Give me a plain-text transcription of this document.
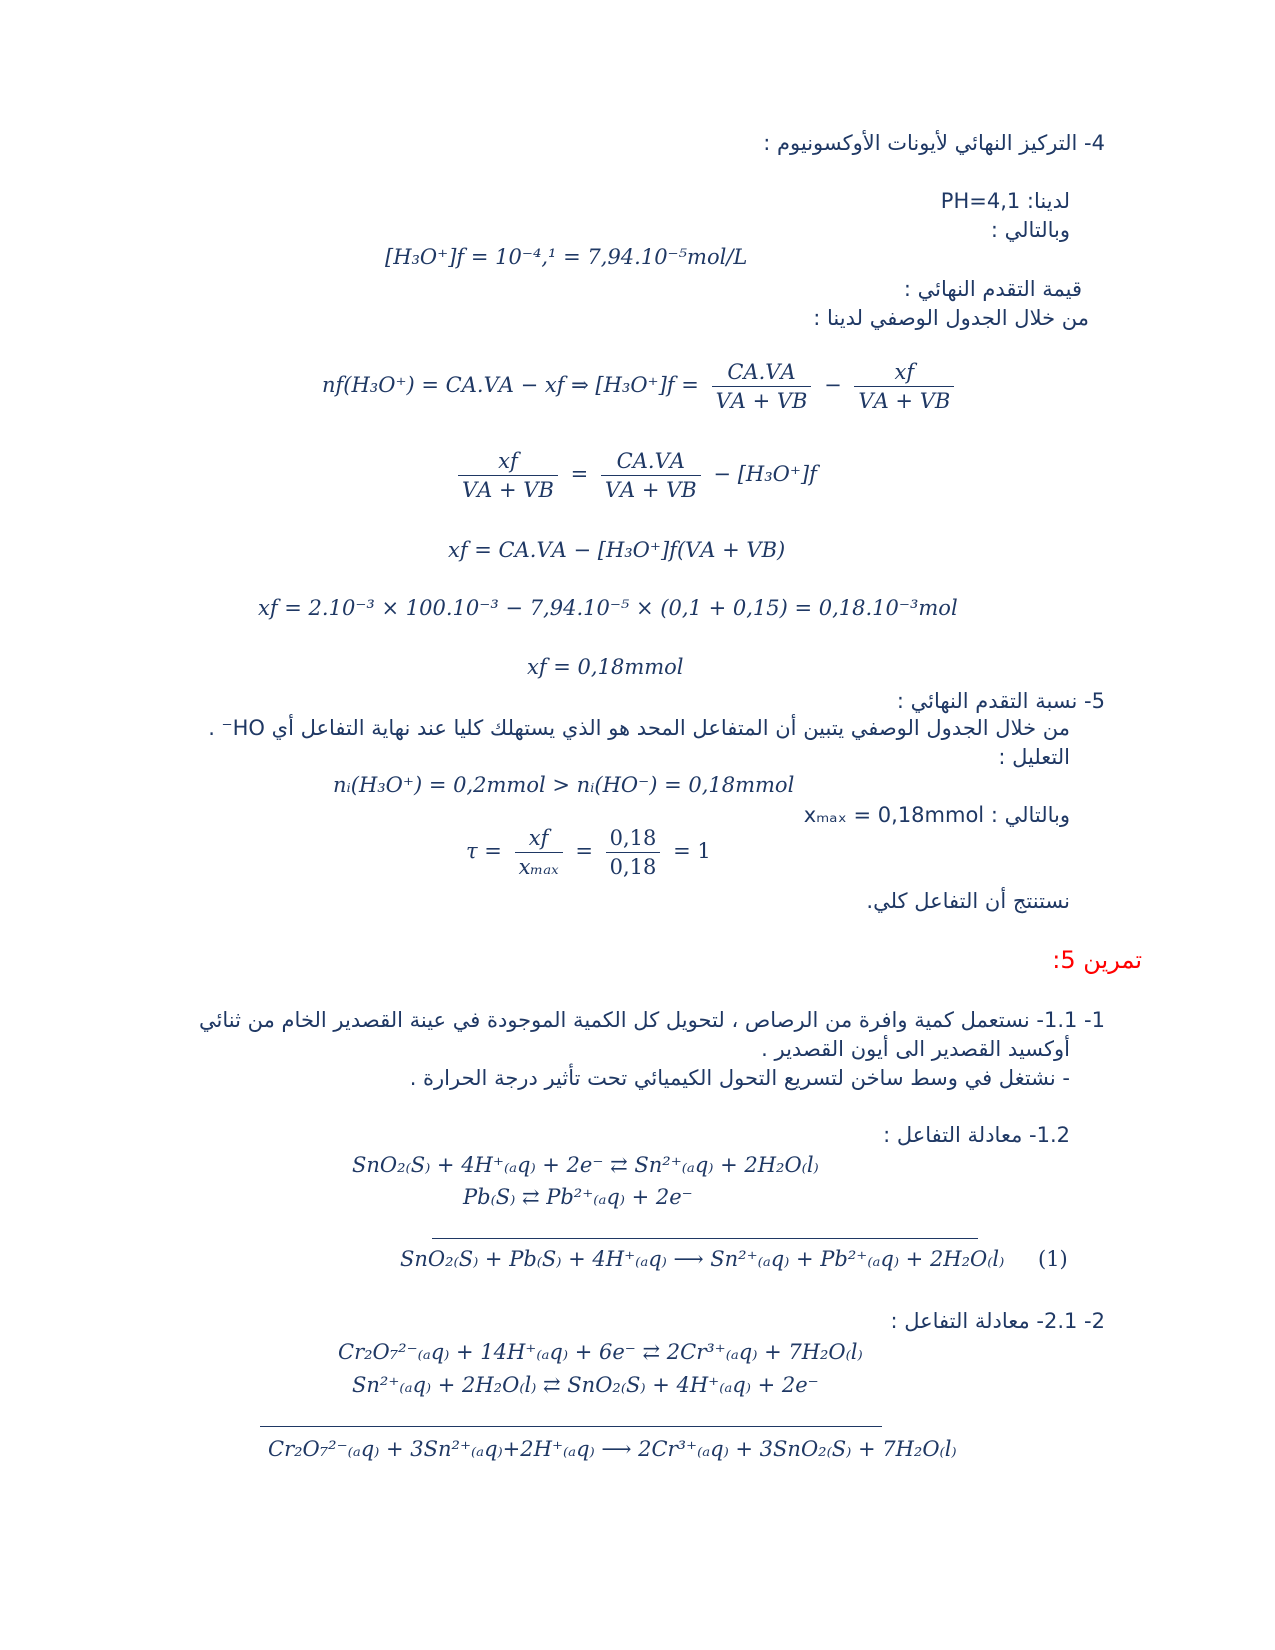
4- التركيز النهائي لأيونات الأوكسونيوم :
لدينا: PH=4,1
وبالتالي :
[H₃O⁺]𝑓 = 10⁻⁴,¹ = 7,94.10⁻⁵mol/L
قيمة التقدم النهائي :
من خلال الجدول الوصفي لدينا :
n𝑓(H₃O⁺) = C𝐴.V𝐴 − x𝑓 ⇒ [H₃O⁺]𝑓 = $\frac{\text{C𝐴.V𝐴}}{\text{V𝐴 + V𝐵}} - \frac{\text{x𝑓}}{\text{V𝐴 + V𝐵}}$
$\frac{\text{x𝑓}}{\text{V𝐴 + V𝐵}} = \frac{\text{C𝐴.V𝐴}}{\text{V𝐴 + V𝐵}}$ − [H₃O⁺]𝑓
x𝑓 = C𝐴.V𝐴 − [H₃O⁺]𝑓(V𝐴 + V𝐵)
x𝑓 = 2.10⁻³ × 100.10⁻³ − 7,94.10⁻⁵ × (0,1 + 0,15) = 0,18.10⁻³mol
x𝑓 = 0,18mmol
5- نسبة التقدم النهائي :
من خلال الجدول الوصفي يتبين أن المتفاعل المحد هو الذي يستهلك كليا عند نهاية التفاعل أي HO⁻ .
التعليل :
nᵢ(H₃O⁺) = 0,2mmol > nᵢ(HO⁻) = 0,18mmol
وبالتالي : xₘₐₓ = 0,18mmol
$\tau = \frac{\text{x𝑓}}{\text{xₘₐₓ}} = \frac{0,18}{0,18} = 1$
نستنتج أن التفاعل كلي.
تمرين 5:
1- 1.1- نستعمل كمية وافرة من الرصاص ، لتحويل كل الكمية الموجودة في عينة القصدير الخام من ثنائي
أوكسيد القصدير الى أيون القصدير .
- نشتغل في وسط ساخن لتسريع التحول الكيميائي تحت تأثير درجة الحرارة .
1.2- معادلة التفاعل :
SnO₂₍S₎ + 4H⁺₍ₐq₎ + 2e⁻ ⇄ Sn²⁺₍ₐq₎ + 2H₂O₍l₎
Pb₍S₎ ⇄ Pb²⁺₍ₐq₎ + 2e⁻
SnO₂₍S₎ + Pb₍S₎ + 4H⁺₍ₐq₎ ⟶ Sn²⁺₍ₐq₎ + Pb²⁺₍ₐq₎ + 2H₂O₍l₎ (1)
2- 2.1- معادلة التفاعل :
Cr₂O₇²⁻₍ₐq₎ + 14H⁺₍ₐq₎ + 6e⁻ ⇄ 2Cr³⁺₍ₐq₎ + 7H₂O₍l₎
Sn²⁺₍ₐq₎ + 2H₂O₍l₎ ⇄ SnO₂₍S₎ + 4H⁺₍ₐq₎ + 2e⁻
Cr₂O₇²⁻₍ₐq₎ + 3Sn²⁺₍ₐq₎+2H⁺₍ₐq₎ ⟶ 2Cr³⁺₍ₐq₎ + 3SnO₂₍S₎ + 7H₂O₍l₎
